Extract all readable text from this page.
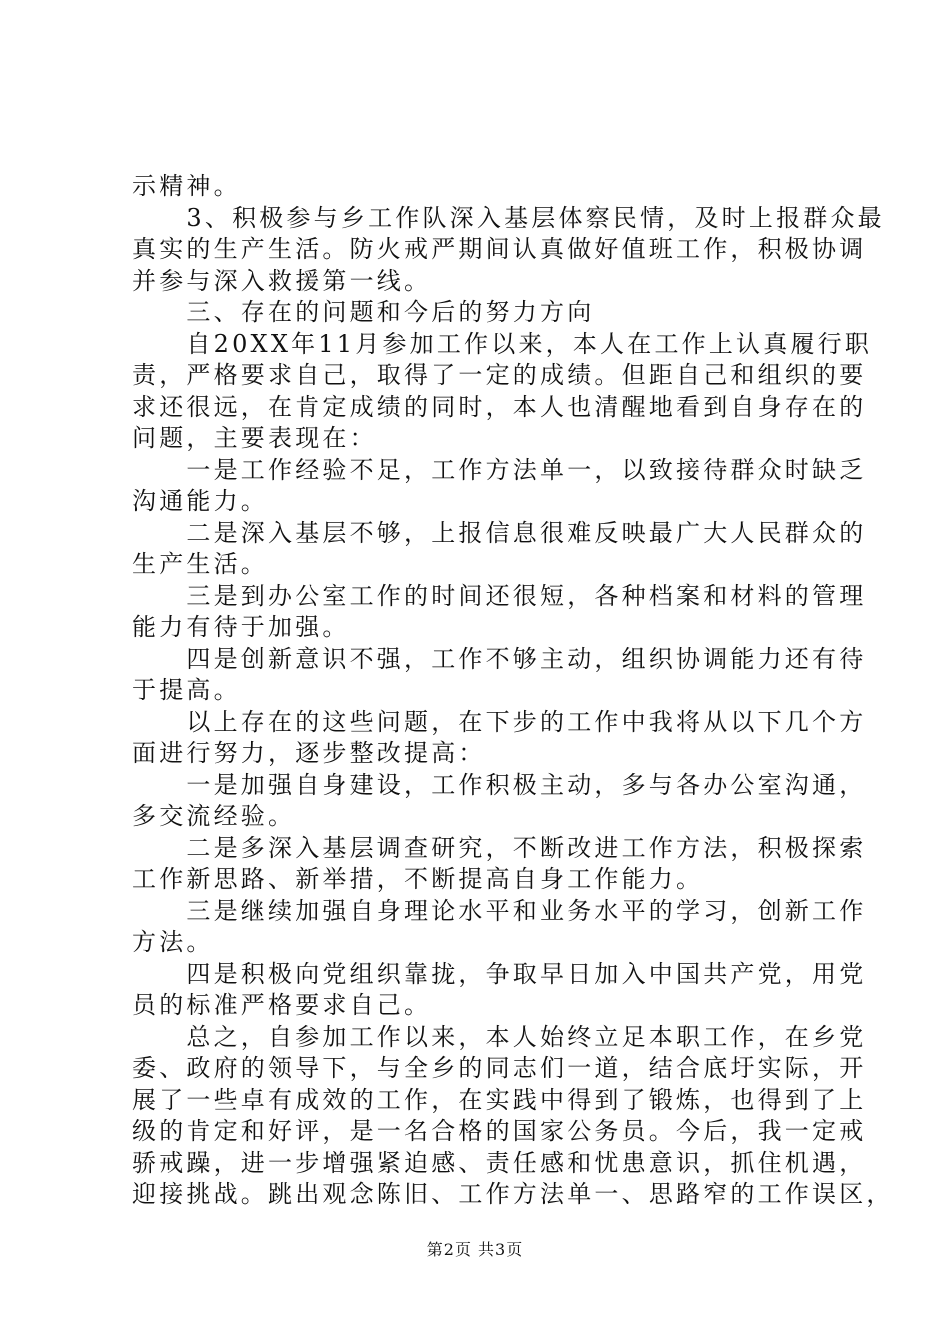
示精神。
　　3、积极参与乡工作队深入基层体察民情，及时上报群众最
真实的生产生活。防火戒严期间认真做好值班工作，积极协调
并参与深入救援第一线。
　　三、存在的问题和今后的努力方向
　　自20XX年11月参加工作以来，本人在工作上认真履行职
责，严格要求自己，取得了一定的成绩。但距自己和组织的要
求还很远，在肯定成绩的同时，本人也清醒地看到自身存在的
问题，主要表现在：
　　一是工作经验不足，工作方法单一，以致接待群众时缺乏
沟通能力。
　　二是深入基层不够，上报信息很难反映最广大人民群众的
生产生活。
　　三是到办公室工作的时间还很短，各种档案和材料的管理
能力有待于加强。
　　四是创新意识不强，工作不够主动，组织协调能力还有待
于提高。
　　以上存在的这些问题，在下步的工作中我将从以下几个方
面进行努力，逐步整改提高：
　　一是加强自身建设，工作积极主动，多与各办公室沟通，
多交流经验。
　　二是多深入基层调查研究，不断改进工作方法，积极探索
工作新思路、新举措，不断提高自身工作能力。
　　三是继续加强自身理论水平和业务水平的学习，创新工作
方法。
　　四是积极向党组织靠拢，争取早日加入中国共产党，用党
员的标准严格要求自己。
　　总之，自参加工作以来，本人始终立足本职工作，在乡党
委、政府的领导下，与全乡的同志们一道，结合底圩实际，开
展了一些卓有成效的工作，在实践中得到了锻炼，也得到了上
级的肯定和好评，是一名合格的国家公务员。今后，我一定戒
骄戒躁，进一步增强紧迫感、责任感和忧患意识，抓住机遇，
迎接挑战。跳出观念陈旧、工作方法单一、思路窄的工作误区，
第2页 共3页
